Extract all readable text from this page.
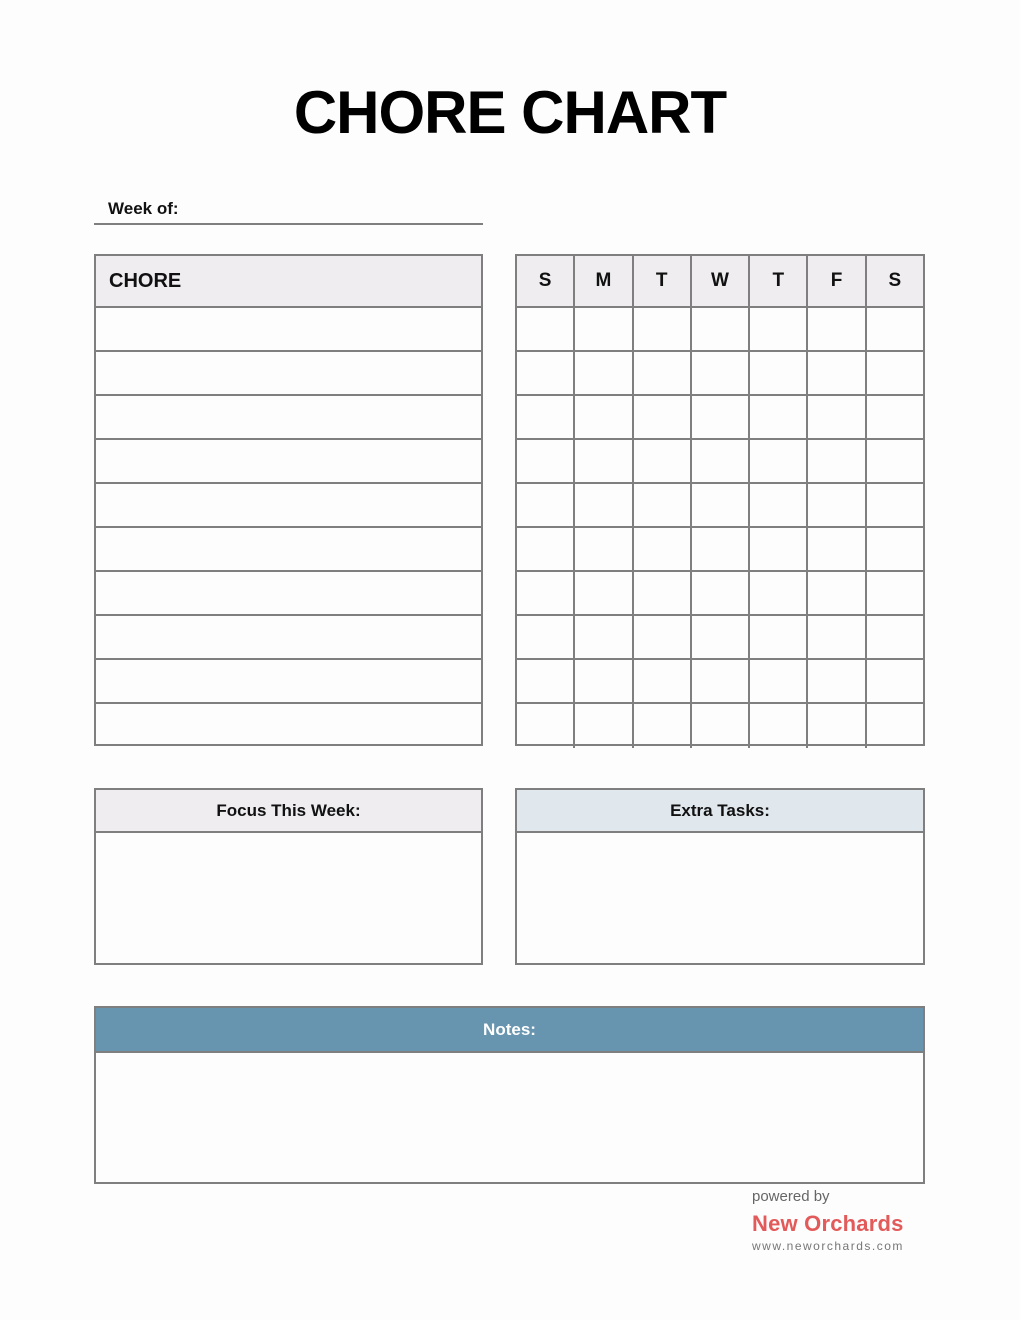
CHORE CHART
Week of:
CHORE	S	M	T	W	T	F	S
Focus This Week:	Extra Tasks:
Notes:
powered by
New Orchards
www.neworchards.com
